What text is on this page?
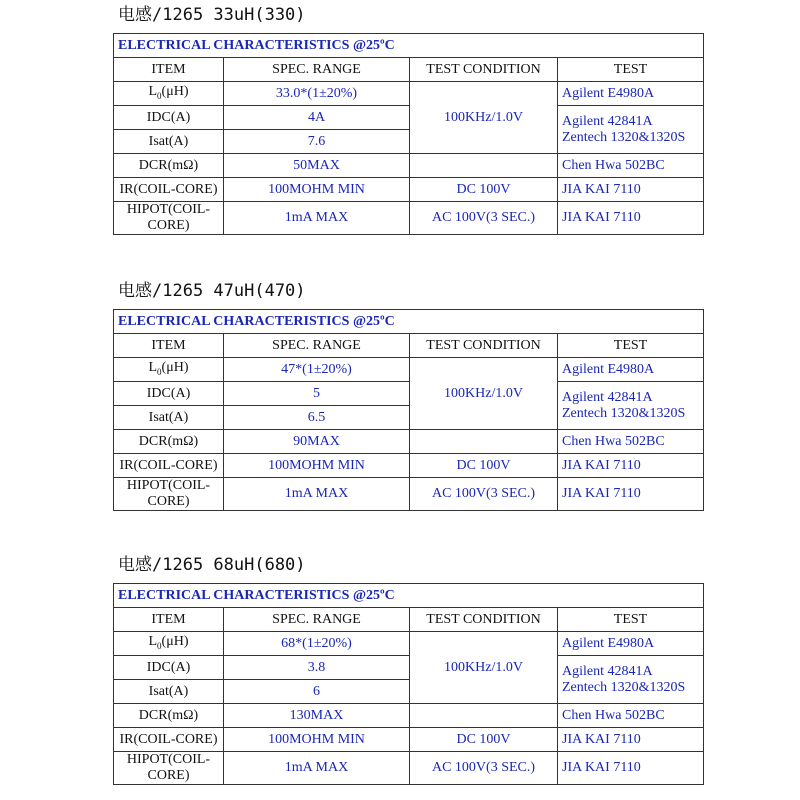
电感/1265 33uH(330)
ELECTRICAL CHARACTERISTICS @25ºC			
ITEM	SPEC. RANGE	TEST CONDITION	TEST
$L_0(\mu H)$	33.0*(1±20%)	100KHz/1.0V	Agilent E4980A
IDC(A)	4A		Agilent 42841A
Zentech 1320&1320S
Isat(A)	7.6		
DCR(mΩ)	50MAX		Chen Hwa 502BC
IR(COIL-CORE)	100MOHM MIN	DC 100V	JIA KAI 7110
HIPOT(COIL-
CORE)	1mA MAX	AC 100V(3 SEC.)	JIA KAI 7110
电感/1265 47uH(470)
ELECTRICAL CHARACTERISTICS @25ºC			
ITEM	SPEC. RANGE	TEST CONDITION	TEST
$L_0(\mu H)$	47*(1±20%)	100KHz/1.0V	Agilent E4980A
IDC(A)	5		Agilent 42841A
Zentech 1320&1320S
Isat(A)	6.5		
DCR(mΩ)	90MAX		Chen Hwa 502BC
IR(COIL-CORE)	100MOHM MIN	DC 100V	JIA KAI 7110
HIPOT(COIL-
CORE)	1mA MAX	AC 100V(3 SEC.)	JIA KAI 7110
电感/1265 68uH(680)
ELECTRICAL CHARACTERISTICS @25ºC			
ITEM	SPEC. RANGE	TEST CONDITION	TEST
$L_0(\mu H)$	68*(1±20%)	100KHz/1.0V	Agilent E4980A
IDC(A)	3.8		Agilent 42841A
Zentech 1320&1320S
Isat(A)	6		
DCR(mΩ)	130MAX		Chen Hwa 502BC
IR(COIL-CORE)	100MOHM MIN	DC 100V	JIA KAI 7110
HIPOT(COIL-
CORE)	1mA MAX	AC 100V(3 SEC.)	JIA KAI 7110
